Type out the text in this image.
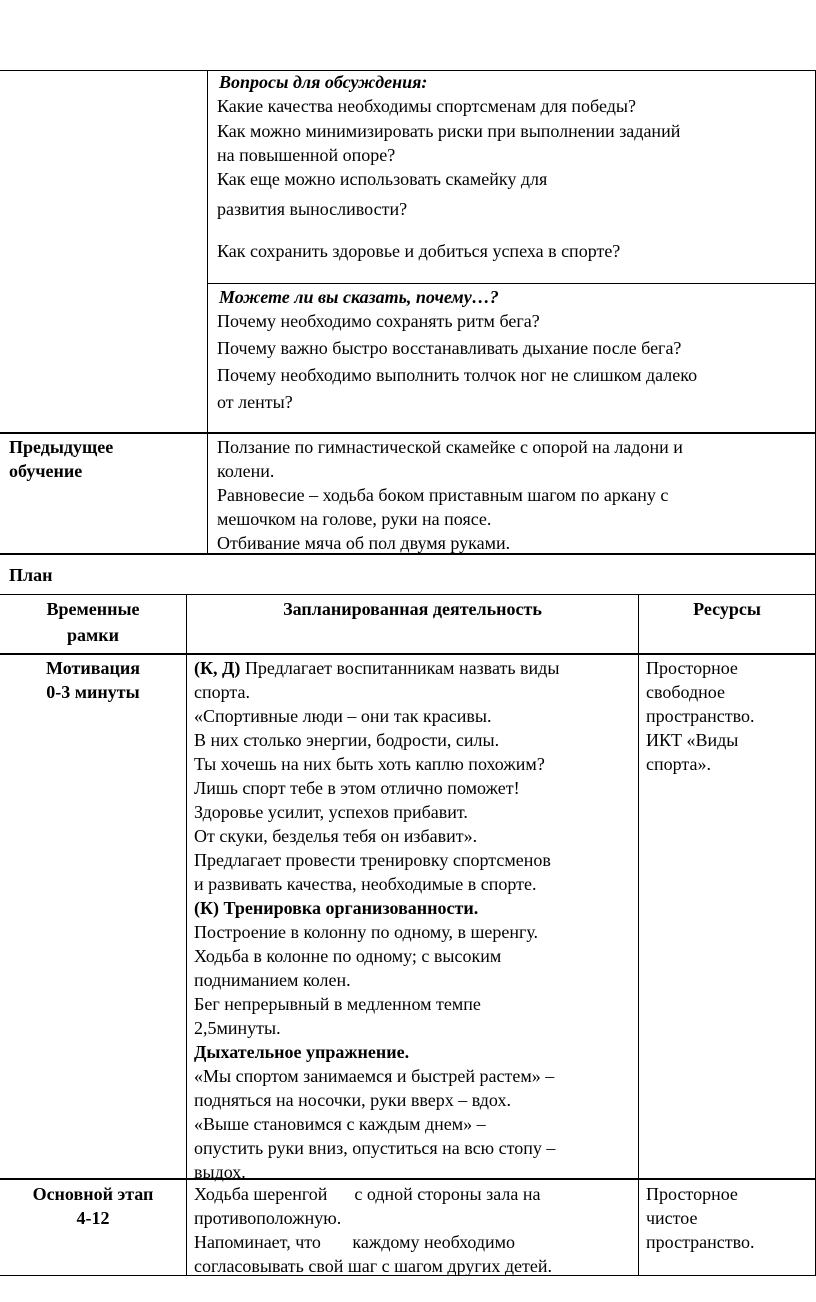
Вопросы для обсуждения:

Какие качества необходимы спортсменам для победы?

Как можно минимизировать риски при выполнении заданий

на повышенной опоре?

Как еще можно использовать скамейку для

развития выносливости?

Как сохранить здоровье и добиться успеха в спорте?

Можете ли вы сказать, почему…?

Почему необходимо сохранять ритм бега?

Почему важно быстро восстанавливать дыхание после бега?

Почему необходимо выполнить толчок ног не слишком далеко

от ленты?

Предыдущее

обучение

Ползание по гимнастической скамейке с опорой на ладони и

колени.

Равновесие – ходьба боком приставным шагом по аркану с

мешочком на голове, руки на поясе.

Отбивание мяча об пол двумя руками.

План

Временные

рамки

Запланированная деятельность	Ресурсы

Мотивация

0-3 минуты

(К, Д) Предлагает воспитанникам назвать виды

спорта.

«Спортивные люди – они так красивы.

В них столько энергии, бодрости, силы.

Ты хочешь на них быть хоть каплю похожим?

Лишь спорт тебе в этом отлично поможет!

Здоровье усилит, успехов прибавит.

От скуки, безделья тебя он избавит».

Предлагает провести тренировку спортсменов

и развивать качества, необходимые в спорте.

(К) Тренировка организованности.

Построение в колонну по одному, в шеренгу.

Ходьба в колонне по одному; с высоким

подниманием колен.

Бег непрерывный в медленном темпе

2,5минуты.

Дыхательное упражнение.

«Мы спортом занимаемся и быстрей растем» –

подняться на носочки, руки вверх – вдох.

«Выше становимся с каждым днем» –

опустить руки вниз, опуститься на всю стопу –

выдох.

Просторное

свободное

пространство.

ИКТ «Виды

спорта».

Основной этап

4-12

Ходьба шеренгой      с одной стороны зала на

противоположную.

Напоминает, что       каждому необходимо

согласовывать свой шаг с шагом других детей.

Просторное

чистое

пространство.
